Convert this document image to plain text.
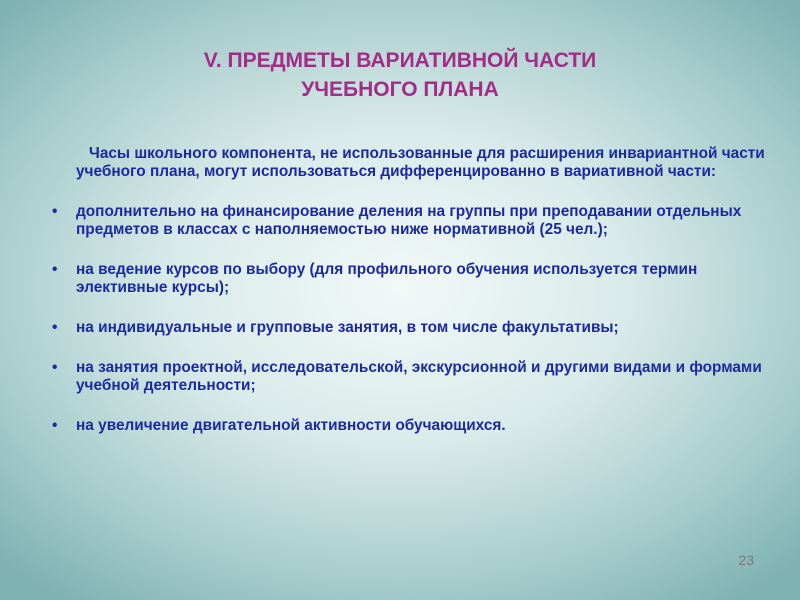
V. ПРЕДМЕТЫ ВАРИАТИВНОЙ ЧАСТИ
УЧЕБНОГО ПЛАНА

Часы школьного компонента, не использованные для расширения инвариантной части учебного плана, могут использоваться дифференцированно в вариативной части:

• дополнительно на финансирование деления на группы при преподавании отдельных предметов в классах с наполняемостью ниже нормативной (25 чел.);
• на ведение курсов по выбору (для профильного обучения используется термин элективные курсы);
• на индивидуальные и групповые занятия, в том числе факультативы;
• на занятия проектной, исследовательской, экскурсионной и другими видами и формами учебной деятельности;
• на увеличение двигательной активности обучающихся.
23
